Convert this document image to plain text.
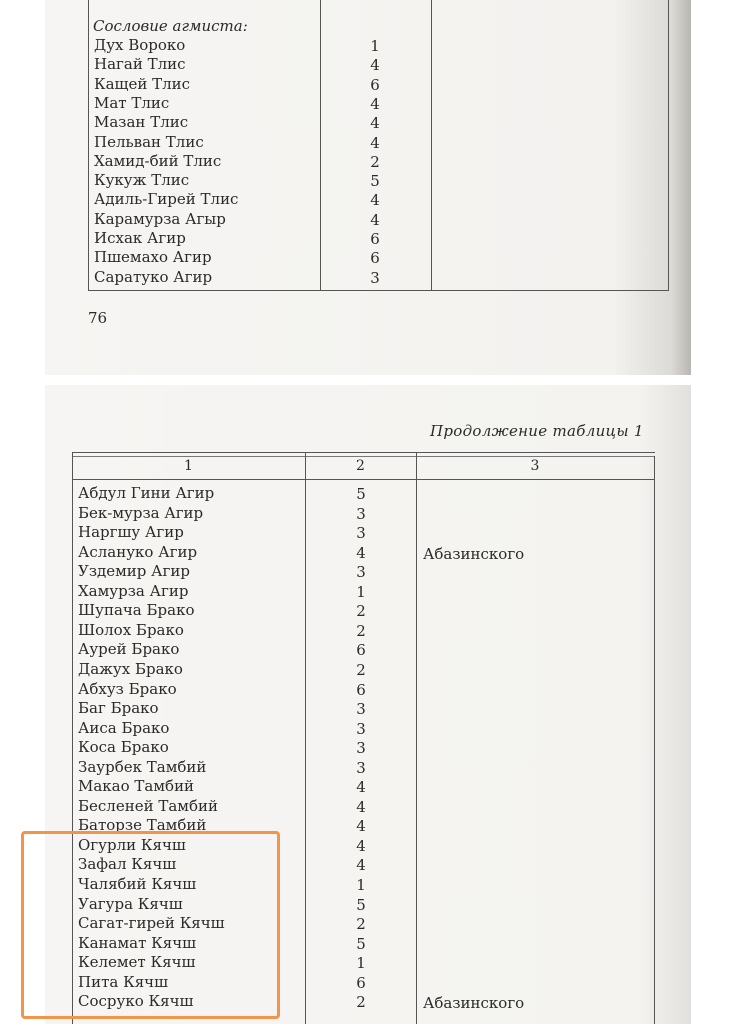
Сословие агмиста:
Дух Вороко	1
Нагай Тлис	4
Кащей Тлис	6
Мат Тлис	4
Мазан Тлис	4
Пельван Тлис	4
Хамид-бий Тлис	2
Кукуж Тлис	5
Адиль-Гирей Тлис	4
Карамурза Агыр	4
Исхак Агир	6
Пшемахо Агир	6
Саратуко Агир	3
76
Продолжение таблицы 1
1	2	3
Абдул Гини Агир	5
Бек-мурза Агир	3
Наргшу Агир	3
Аслануко Агир	4	Абазинского
Уздемир Агир	3
Хамурза Агир	1
Шупача Брако	2
Шолох Брако	2
Аурей Брако	6
Дажух Брако	2
Абхуз Брако	6
Баг Брако	3
Аиса Брако	3
Коса Брако	3
Заурбек Тамбий	3
Макао Тамбий	4
Бесленей Тамбий	4
Баторзе Тамбий	4
Огурли Кячш	4
Зафал Кячш	4
Чалябий Кячш	1
Уагура Кячш	5
Сагат-гирей Кячш	2
Канамат Кячш	5
Келемет Кячш	1
Пита Кячш	6
Сосруко Кячш	2	Абазинского
